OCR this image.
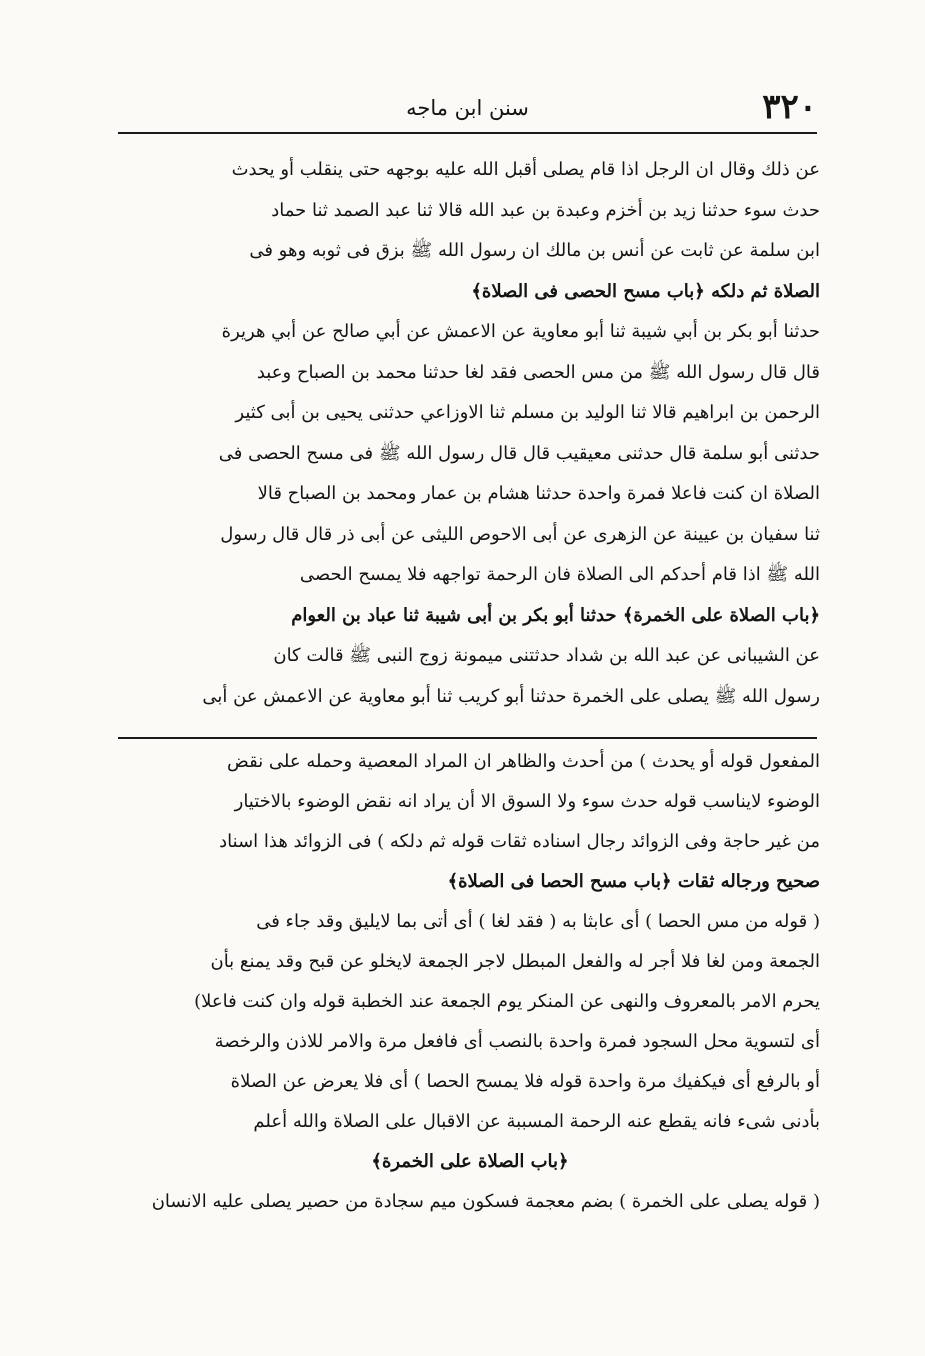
٣٢٠
سنن ابن ماجه
عن ذلك وقال ان الرجل اذا قام يصلى أقبل الله عليه بوجهه حتى ينقلب أو يحدث
حدث سوء حدثنا زيد بن أخزم وعبدة بن عبد الله قالا ثنا عبد الصمد ثنا حماد
ابن سلمة عن ثابت عن أنس بن مالك ان رسول الله ﷺ بزق فى ثوبه وهو فى
الصلاة ثم دلكه ﴿باب مسح الحصى فى الصلاة﴾
حدثنا أبو بكر بن أبي شيبة ثنا أبو معاوية عن الاعمش عن أبي صالح عن أبي هريرة
قال قال رسول الله ﷺ من مس الحصى فقد لغا حدثنا محمد بن الصباح وعبد
الرحمن بن ابراهيم قالا ثنا الوليد بن مسلم ثنا الاوزاعي حدثنى يحيى بن أبى كثير
حدثنى أبو سلمة قال حدثنى معيقيب قال قال رسول الله ﷺ فى مسح الحصى فى
الصلاة ان كنت فاعلا فمرة واحدة حدثنا هشام بن عمار ومحمد بن الصباح قالا
ثنا سفيان بن عيينة عن الزهرى عن أبى الاحوص الليثى عن أبى ذر قال قال رسول
الله ﷺ اذا قام أحدكم الى الصلاة فان الرحمة تواجهه فلا يمسح الحصى
﴿باب الصلاة على الخمرة﴾ حدثنا أبو بكر بن أبى شيبة ثنا عباد بن العوام
عن الشيبانى عن عبد الله بن شداد حدثتنى ميمونة زوج النبى ﷺ قالت كان
رسول الله ﷺ يصلى على الخمرة حدثنا أبو كريب ثنا أبو معاوية عن الاعمش عن أبى
المفعول قوله أو يحدث ) من أحدث والظاهر ان المراد المعصية وحمله على نقض
الوضوء لايناسب قوله حدث سوء ولا السوق الا أن يراد انه نقض الوضوء بالاختيار
من غير حاجة وفى الزوائد رجال اسناده ثقات قوله ثم دلكه ) فى الزوائد هذا اسناد
صحيح ورجاله ثقات ﴿باب مسح الحصا فى الصلاة﴾
( قوله من مس الحصا ) أى عابثا به ( فقد لغا ) أى أتى بما لايليق وقد جاء فى
الجمعة ومن لغا فلا أجر له والفعل المبطل لاجر الجمعة لايخلو عن قبح وقد يمنع بأن
يحرم الامر بالمعروف والنهى عن المنكر يوم الجمعة عند الخطبة قوله وان كنت فاعلا)
أى لتسوية محل السجود فمرة واحدة بالنصب أى فافعل مرة والامر للاذن والرخصة
أو بالرفع أى فيكفيك مرة واحدة قوله فلا يمسح الحصا ) أى فلا يعرض عن الصلاة
بأدنى شىء فانه يقطع عنه الرحمة المسببة عن الاقبال على الصلاة والله أعلم
﴿باب الصلاة على الخمرة﴾
( قوله يصلى على الخمرة ) بضم معجمة فسكون ميم سجادة من حصير يصلى عليه الانسان
